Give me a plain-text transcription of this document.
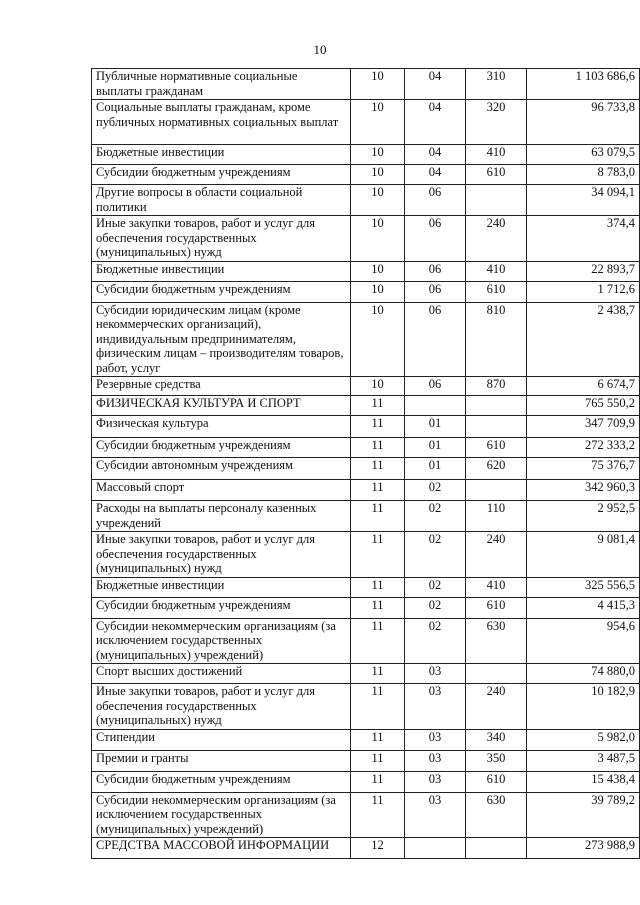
10
Публичные нормативные социальные выплаты гражданам	10	04	310	1 103 686,6
Социальные выплаты гражданам, кроме публичных нормативных социальных выплат	10	04	320	96 733,8
Бюджетные инвестиции	10	04	410	63 079,5
Субсидии бюджетным учреждениям	10	04	610	8 783,0
Другие вопросы в области социальной политики	10	06		34 094,1
Иные закупки товаров, работ и услуг для обеспечения государственных (муниципальных) нужд	10	06	240	374,4
Бюджетные инвестиции	10	06	410	22 893,7
Субсидии бюджетным учреждениям	10	06	610	1 712,6
Субсидии юридическим лицам (кроме некоммерческих организаций), индивидуальным предпринимателям, физическим лицам – производителям товаров, работ, услуг	10	06	810	2 438,7
Резервные средства	10	06	870	6 674,7
ФИЗИЧЕСКАЯ КУЛЬТУРА И СПОРТ	11			765 550,2
Физическая культура	11	01		347 709,9
Субсидии бюджетным учреждениям	11	01	610	272 333,2
Субсидии автономным учреждениям	11	01	620	75 376,7
Массовый спорт	11	02		342 960,3
Расходы на выплаты персоналу казенных учреждений	11	02	110	2 952,5
Иные закупки товаров, работ и услуг для обеспечения государственных (муниципальных) нужд	11	02	240	9 081,4
Бюджетные инвестиции	11	02	410	325 556,5
Субсидии бюджетным учреждениям	11	02	610	4 415,3
Субсидии некоммерческим организациям (за исключением государственных (муниципальных) учреждений)	11	02	630	954,6
Спорт высших достижений	11	03		74 880,0
Иные закупки товаров, работ и услуг для обеспечения государственных (муниципальных) нужд	11	03	240	10 182,9
Стипендии	11	03	340	5 982,0
Премии и гранты	11	03	350	3 487,5
Субсидии бюджетным учреждениям	11	03	610	15 438,4
Субсидии некоммерческим организациям (за исключением государственных (муниципальных) учреждений)	11	03	630	39 789,2
СРЕДСТВА МАССОВОЙ ИНФОРМАЦИИ	12			273 988,9
